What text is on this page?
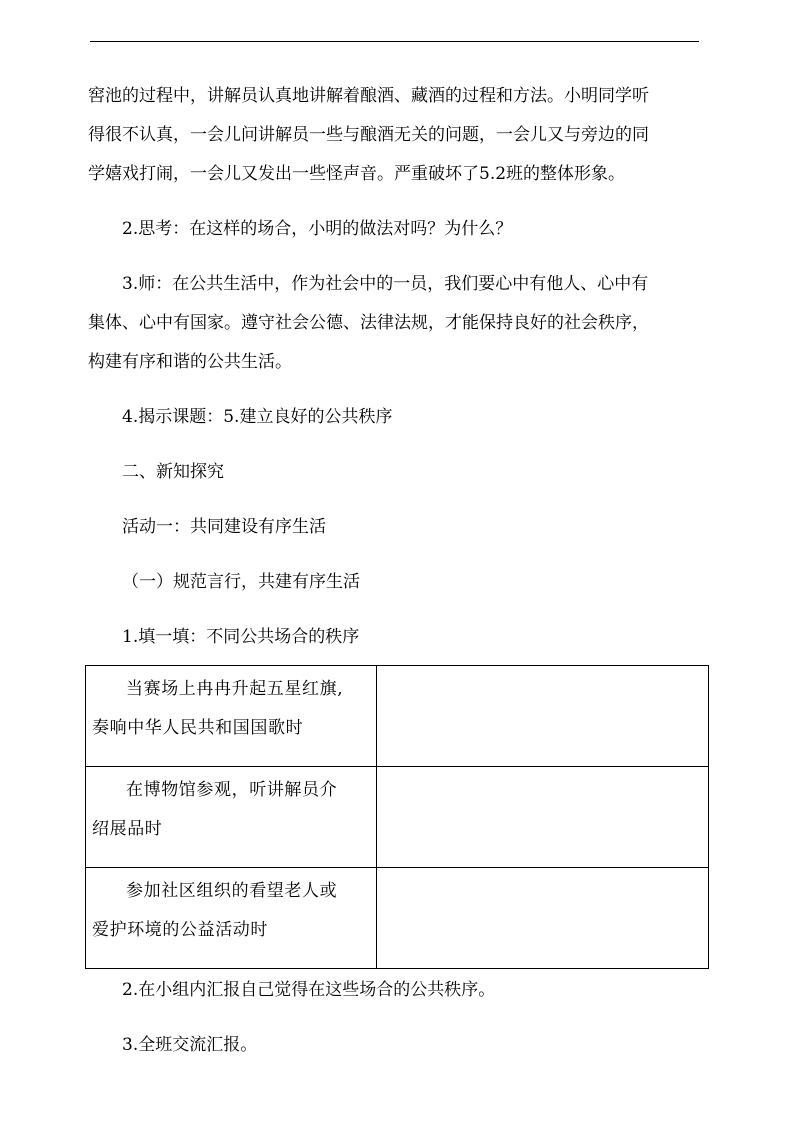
窖池的过程中，讲解员认真地讲解着酿酒、藏酒的过程和方法。小明同学听

得很不认真，一会儿问讲解员一些与酿酒无关的问题，一会儿又与旁边的同

学嬉戏打闹，一会儿又发出一些怪声音。严重破坏了5.2班的整体形象。

2.思考：在这样的场合，小明的做法对吗？为什么？

3.师：在公共生活中，作为社会中的一员，我们要心中有他人、心中有

集体、心中有国家。遵守社会公德、法律法规，才能保持良好的社会秩序，

构建有序和谐的公共生活。

4.揭示课题：5.建立良好的公共秩序

二、新知探究

活动一：共同建设有序生活

（一）规范言行，共建有序生活

1.填一填：不同公共场合的秩序

当赛场上冉冉升起五星红旗,
奏响中华人民共和国国歌时	

在博物馆参观，听讲解员介
绍展品时	

参加社区组织的看望老人或
爱护环境的公益活动时	

2.在小组内汇报自己觉得在这些场合的公共秩序。

3.全班交流汇报。
